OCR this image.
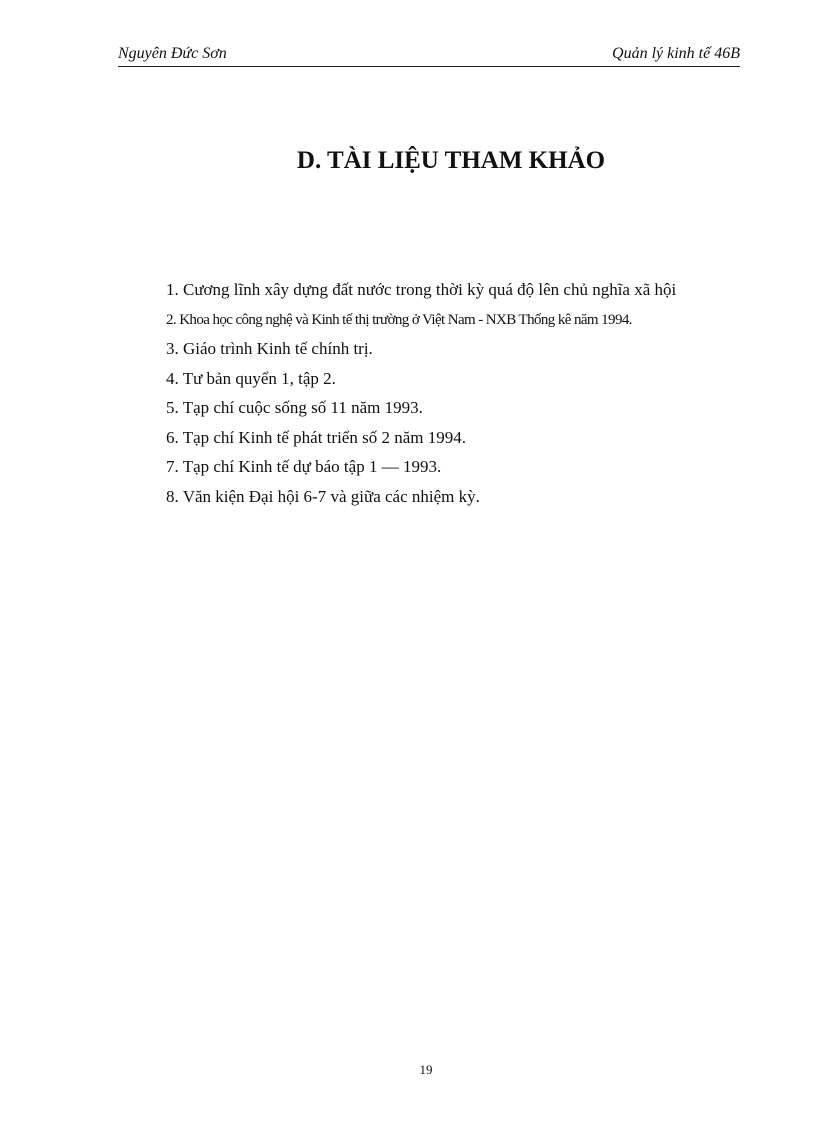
Nguyên Đức Sơn	Quản lý kinh tế 46B
D. TÀI LIỆU THAM KHẢO
1. Cương lĩnh xây dựng đất nước trong thời kỳ quá độ lên chủ nghĩa xã hội
2. Khoa học công nghệ và Kinh tế thị trường ở Việt Nam - NXB Thống kê năm 1994.
3. Giáo trình Kinh tế chính trị.
4. Tư bản quyển 1, tập 2.
5. Tạp chí cuộc sống số 11 năm 1993.
6. Tạp chí Kinh tế phát triển số 2 năm 1994.
7. Tạp chí Kinh tế dự báo tập 1 — 1993.
8. Văn kiện Đại hội 6-7 và giữa các nhiệm kỳ.
19
